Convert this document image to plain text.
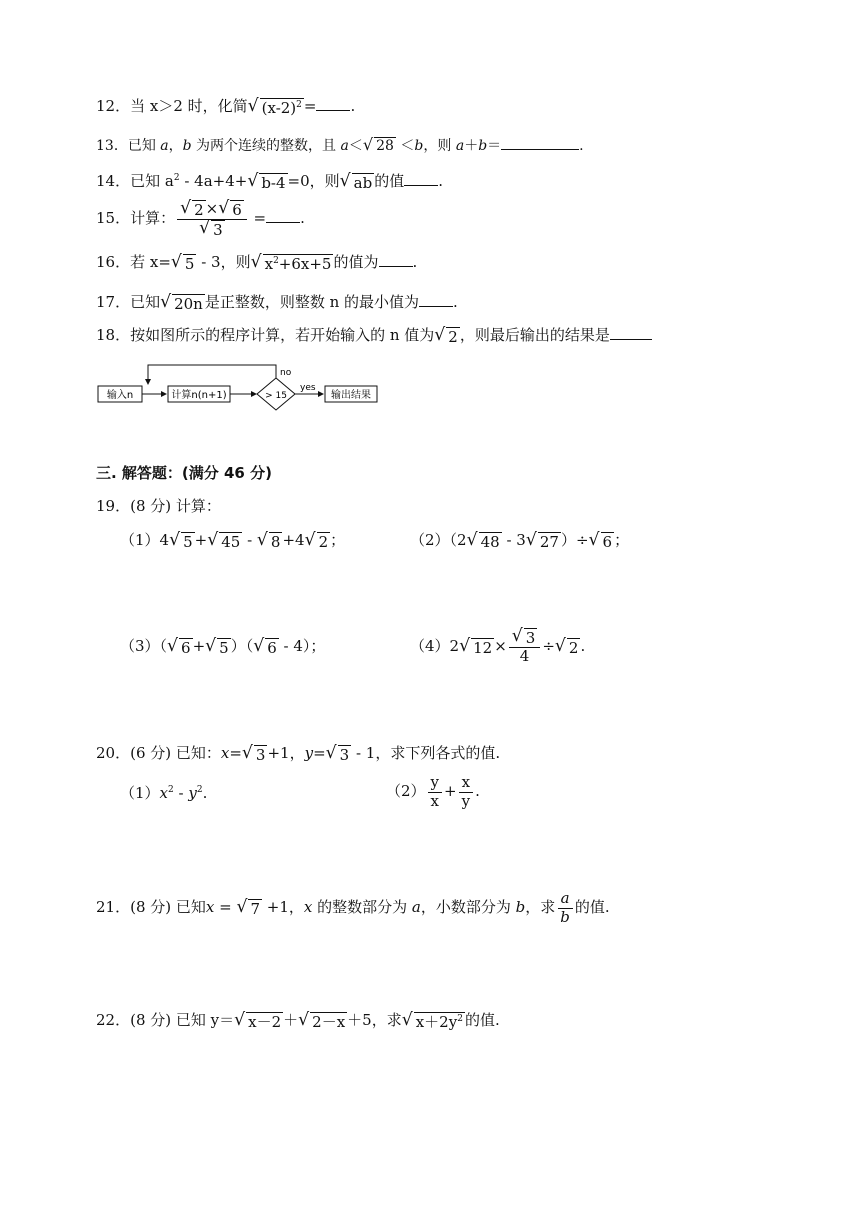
12．当 x＞2 时，化简 √ $(x-2)^2$ = .
13．已知 a，b 为两个连续的整数，且 a＜ √ 28 ＜b，则 a＋b＝	.
14．已知 $a^2 - 4a+4+$ √ b-4 =0，则 √ ab 的值 .
15．计算： $\frac{√ 2 \times √ 6}{√ 3}$ = .
16．若 x= √ 5 - 3，则 √ $x^2+6x+5$ 的值为 .
17．已知 √ 20n 是正整数，则整数 n 的最小值为 .
18．按如图所示的程序计算，若开始输入的 n 值为 √ 2 ，则最后输出的结果是
输入n	计算n(n+1)	> 15
yes
输出结果
no
三. 解答题：(满分 46 分)
19．(8 分) 计算：
（1）4 √ 5 + √ 45 - √ 8 +4 √ 2 ；	（2）（2 √ 48 - 3 √ 27 ）÷ √ 6 ；
（3）（ √ 6 + √ 5 ）（ √ 6 - 4）；	（4）2 √ $12 \times \frac{√ 3}{4}$ ÷ √ 2 .
20．(6 分) 已知：x= √ 3 +1，y= √ 3 - 1，求下列各式的值.
$(1)x^2 - y^2$.	$(2) \frac{y}{x} + \frac{x}{y}$ .
21．(8 分) 已知x = √ 7 +1，x 的整数部分为 a，小数部分为 b，求 $\frac{a}{b}$ 的值.
22．(8 分) 已知 y＝ √ x－2 ＋ √ 2－x ＋5，求 √ $x+2y^2$ 的值.
